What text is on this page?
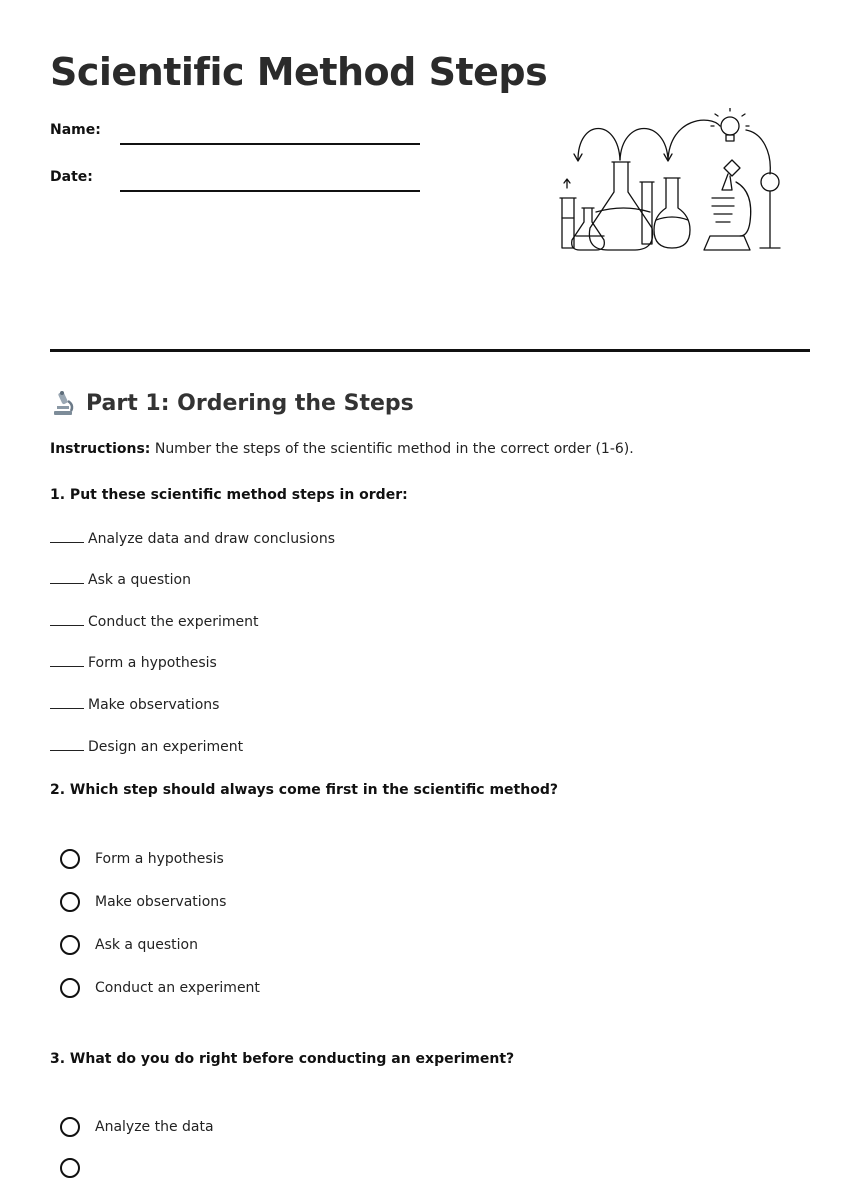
Scientific Method Steps
Name:
Date:
Part 1: Ordering the Steps

Instructions: Number the steps of the scientific method in the correct order (1-6).

1. Put these scientific method steps in order:

Analyze data and draw conclusions
Ask a question
Conduct the experiment
Form a hypothesis
Make observations
Design an experiment

2. Which step should always come first in the scientific method?

Form a hypothesis
Make observations
Ask a question
Conduct an experiment

3. What do you do right before conducting an experiment?

Analyze the data
